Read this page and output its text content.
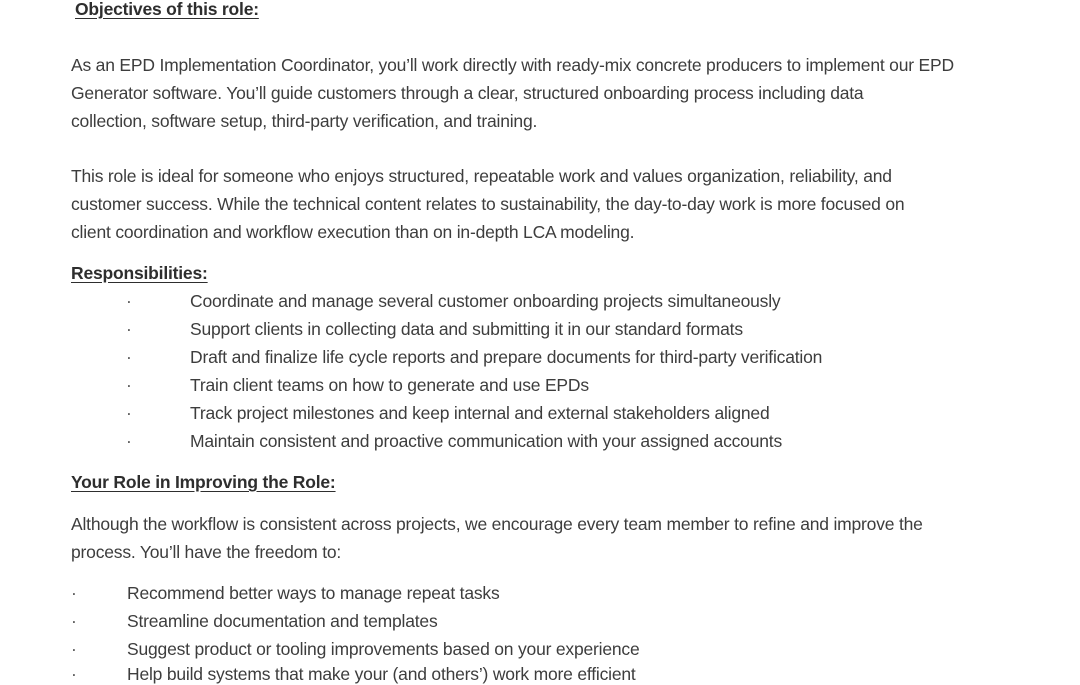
Objectives of this role:
As an EPD Implementation Coordinator, you’ll work directly with ready-mix concrete producers to implement our EPD
Generator software. You’ll guide customers through a clear, structured onboarding process including data
collection, software setup, third-party verification, and training.
This role is ideal for someone who enjoys structured, repeatable work and values organization, reliability, and
customer success. While the technical content relates to sustainability, the day-to-day work is more focused on
client coordination and workflow execution than on in-depth LCA modeling.
Responsibilities:
·	Coordinate and manage several customer onboarding projects simultaneously
·	Support clients in collecting data and submitting it in our standard formats
·	Draft and finalize life cycle reports and prepare documents for third-party verification
·	Train client teams on how to generate and use EPDs
·	Track project milestones and keep internal and external stakeholders aligned
·	Maintain consistent and proactive communication with your assigned accounts
Your Role in Improving the Role:
Although the workflow is consistent across projects, we encourage every team member to refine and improve the
process. You’ll have the freedom to:
·	Recommend better ways to manage repeat tasks
·	Streamline documentation and templates
·	Suggest product or tooling improvements based on your experience
·	Help build systems that make your (and others’) work more efficient
